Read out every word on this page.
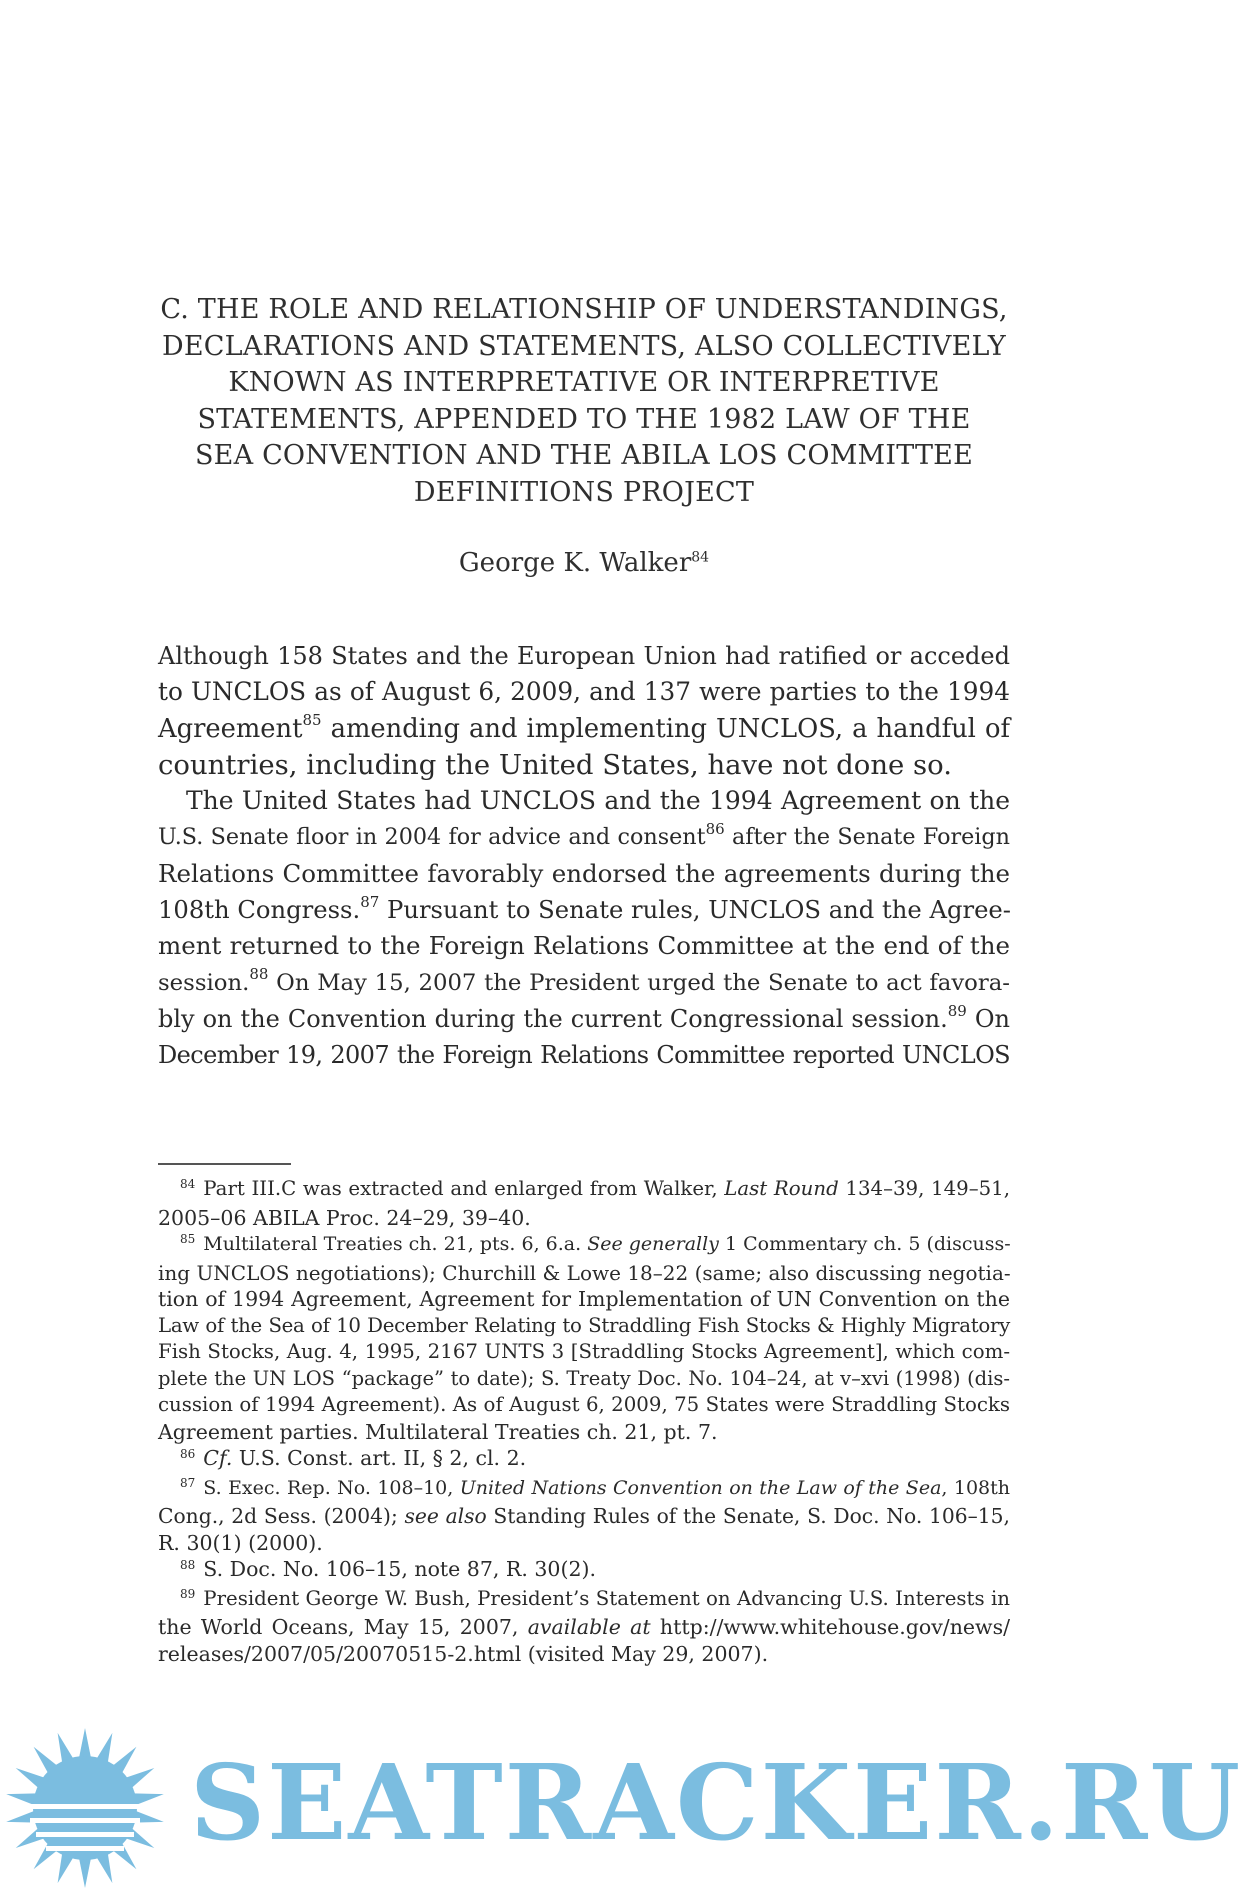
C. THE ROLE AND RELATIONSHIP OF UNDERSTANDINGS,
DECLARATIONS AND STATEMENTS, ALSO COLLECTIVELY
KNOWN AS INTERPRETATIVE OR INTERPRETIVE
STATEMENTS, APPENDED TO THE 1982 LAW OF THE
SEA CONVENTION AND THE ABILA LOS COMMITTEE
DEFINITIONS PROJECT
George K. Walker$^{84}$

Although 158 States and the European Union had ratified or acceded
to UNCLOS as of August 6, 2009, and 137 were parties to the 1994
Agreement$^{85}$ amending and implementing UNCLOS, a handful of
countries, including the United States, have not done so.

The United States had UNCLOS and the 1994 Agreement on the
U.S. Senate floor in 2004 for advice and consent$^{86}$ after the Senate Foreign
Relations Committee favorably endorsed the agreements during the
108th Congress.$^{87}$ Pursuant to Senate rules, UNCLOS and the Agree-
ment returned to the Foreign Relations Committee at the end of the
session.$^{88}$ On May 15, 2007 the President urged the Senate to act favora-
bly on the Convention during the current Congressional session.$^{89}$ On
December 19, 2007 the Foreign Relations Committee reported UNCLOS

$^{84}$ Part III.C was extracted and enlarged from Walker, Last Round 134–39, 149–51,
2005–06 ABILA Proc. 24–29, 39–40.
$^{85}$ Multilateral Treaties ch. 21, pts. 6, 6.a. See generally 1 Commentary ch. 5 (discuss-
ing UNCLOS negotiations); Churchill & Lowe 18–22 (same; also discussing negotia-
tion of 1994 Agreement, Agreement for Implementation of UN Convention on the
Law of the Sea of 10 December Relating to Straddling Fish Stocks & Highly Migratory
Fish Stocks, Aug. 4, 1995, 2167 UNTS 3 [Straddling Stocks Agreement], which com-
plete the UN LOS “package” to date); S. Treaty Doc. No. 104–24, at v–xvi (1998) (dis-
cussion of 1994 Agreement). As of August 6, 2009, 75 States were Straddling Stocks
Agreement parties. Multilateral Treaties ch. 21, pt. 7.
$^{86}$ Cf. U.S. Const. art. II, § 2, cl. 2.
$^{87}$ S. Exec. Rep. No. 108–10, United Nations Convention on the Law of the Sea, 108th
Cong., 2d Sess. (2004); see also Standing Rules of the Senate, S. Doc. No. 106–15,
R. 30(1) (2000).
$^{88}$ S. Doc. No. 106–15, note 87, R. 30(2).
$^{89}$ President George W. Bush, President’s Statement on Advancing U.S. Interests in
the World Oceans, May 15, 2007, available at http://www.whitehouse.gov/news/
releases/2007/05/20070515-2.html (visited May 29, 2007).
SEATRACKER.RU
